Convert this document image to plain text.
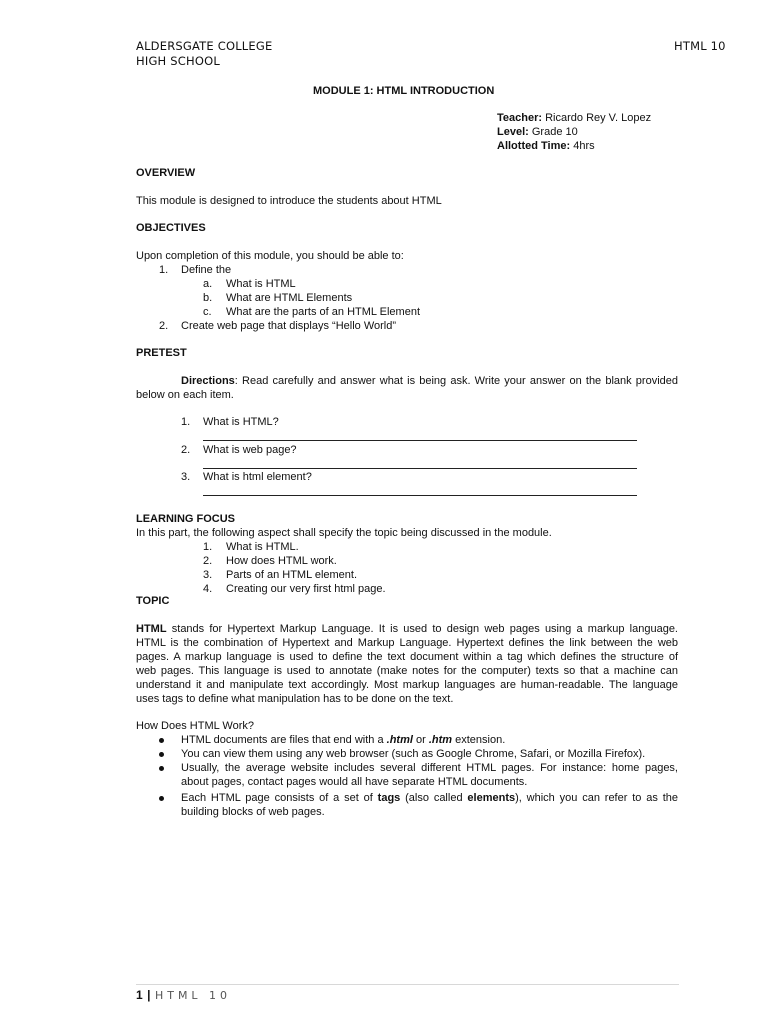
ALDERSGATE COLLEGE
HIGH SCHOOL
HTML 10
MODULE 1: HTML INTRODUCTION
Teacher: Ricardo Rey V. Lopez
Level: Grade 10
Allotted Time: 4hrs
OVERVIEW
This module is designed to introduce the students about HTML
OBJECTIVES
Upon completion of this module, you should be able to:
1. Define the
a. What is HTML
b. What are HTML Elements
c. What are the parts of an HTML Element
2. Create web page that displays “Hello World”
PRETEST
Directions: Read carefully and answer what is being ask. Write your answer on the blank provided
below on each item.
1. What is HTML?
2. What is web page?
3. What is html element?
LEARNING FOCUS
In this part, the following aspect shall specify the topic being discussed in the module.
1. What is HTML.
2. How does HTML work.
3. Parts of an HTML element.
4. Creating our very first html page.
TOPIC
HTML stands for Hypertext Markup Language. It is used to design web pages using a markup language.
HTML is the combination of Hypertext and Markup Language. Hypertext defines the link between the web
pages. A markup language is used to define the text document within a tag which defines the structure of
web pages. This language is used to annotate (make notes for the computer) texts so that a machine can
understand it and manipulate text accordingly. Most markup languages are human-readable. The language
uses tags to define what manipulation has to be done on the text.
How Does HTML Work?
HTML documents are files that end with a .html or .htm extension.
You can view them using any web browser (such as Google Chrome, Safari, or Mozilla Firefox).
Usually, the average website includes several different HTML pages. For instance: home pages,
about pages, contact pages would all have separate HTML documents.
Each HTML page consists of a set of tags (also called elements), which you can refer to as the
building blocks of web pages.
1 | HTML 10
